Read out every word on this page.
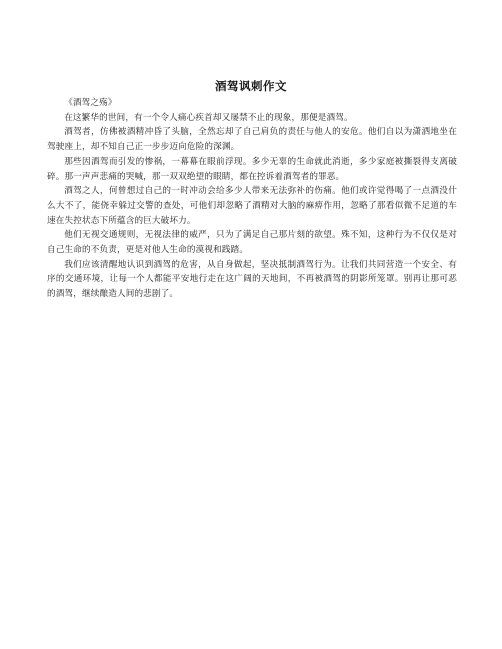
酒驾讽刺作文

《酒驾之殇》

在这繁华的世间，有一个令人痛心疾首却又屡禁不止的现象，那便是酒驾。

酒驾者，仿佛被酒精冲昏了头脑，全然忘却了自己肩负的责任与他人的安危。他们自以为潇洒地坐在驾驶座上，却不知自己正一步步迈向危险的深渊。

那些因酒驾而引发的惨祸，一幕幕在眼前浮现。多少无辜的生命就此消逝，多少家庭被撕裂得支离破碎。那一声声悲痛的哭喊，那一双双绝望的眼睛，都在控诉着酒驾者的罪恶。

酒驾之人，何曾想过自己的一时冲动会给多少人带来无法弥补的伤痛。他们或许觉得喝了一点酒没什么大不了，能侥幸躲过交警的查处，可他们却忽略了酒精对大脑的麻痹作用，忽略了那看似微不足道的车速在失控状态下所蕴含的巨大破坏力。

他们无视交通规则，无视法律的威严，只为了满足自己那片刻的欲望。殊不知，这种行为不仅仅是对自己生命的不负责，更是对他人生命的漠视和践踏。

我们应该清醒地认识到酒驾的危害，从自身做起，坚决抵制酒驾行为。让我们共同营造一个安全、有序的交通环境，让每一个人都能平安地行走在这广阔的天地间，不再被酒驾的阴影所笼罩。别再让那可恶的酒驾，继续酿造人间的悲剧了。
